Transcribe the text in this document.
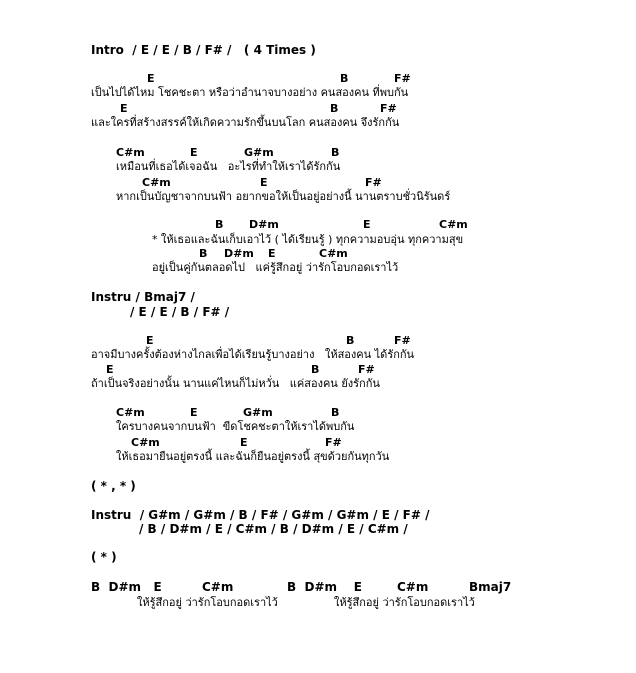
Intro  / E / E / B / F# /   ( 4 Times )
E	B	F#
เป็นไปได้ไหม โชคชะตา หรือว่าอำนาจบางอย่าง คนสองคน ที่พบกัน
E	B	F#
และใครที่สร้างสรรค์ให้เกิดความรักขึ้นบนโลก คนสองคน จึงรักกัน
C#m	E	G#m	B
เหมือนที่เธอได้เจอฉัน   อะไรที่ทำให้เราได้รักกัน
C#m	E	F#
หากเป็นบัญชาจากบนฟ้า อยากขอให้เป็นอยู่อย่างนี้ นานตราบชั่วนิรันดร์
B D#m	E	C#m
* ให้เธอและฉันเก็บเอาไว้ ( ได้เรียนรู้ ) ทุกความอบอุ่น ทุกความสุข
B D#m E	C#m
อยู่เป็นคู่กันตลอดไป   แค่รู้สึกอยู่ ว่ารักโอบกอดเราไว้
Instru / Bmaj7 /
/ E / E / B / F# /
E	B	F#
อาจมีบางครั้งต้องห่างไกลเพื่อได้เรียนรู้บางอย่าง   ให้สองคน ได้รักกัน
E	B	F#
ถ้าเป็นจริงอย่างนั้น นานแค่ไหนก็ไม่หวั่น   แค่สองคน ยังรักกัน
C#m	E	G#m	B
ใครบางคนจากบนฟ้า  ขีดโชคชะตาให้เราได้พบกัน
C#m	E	F#
ให้เธอมายืนอยู่ตรงนี้ และฉันก็ยืนอยู่ตรงนี้ สุขด้วยกันทุกวัน
( * , * )
Instru  / G#m / G#m / B / F# / G#m / G#m / E / F# /
/ B / D#m / E / C#m / B / D#m / E / C#m /
( * )
B  D#m   E	C#m	B  D#m    E	C#m	Bmaj7
ให้รู้สึกอยู่ ว่ารักโอบกอดเราไว้	ให้รู้สึกอยู่ ว่ารักโอบกอดเราไว้
